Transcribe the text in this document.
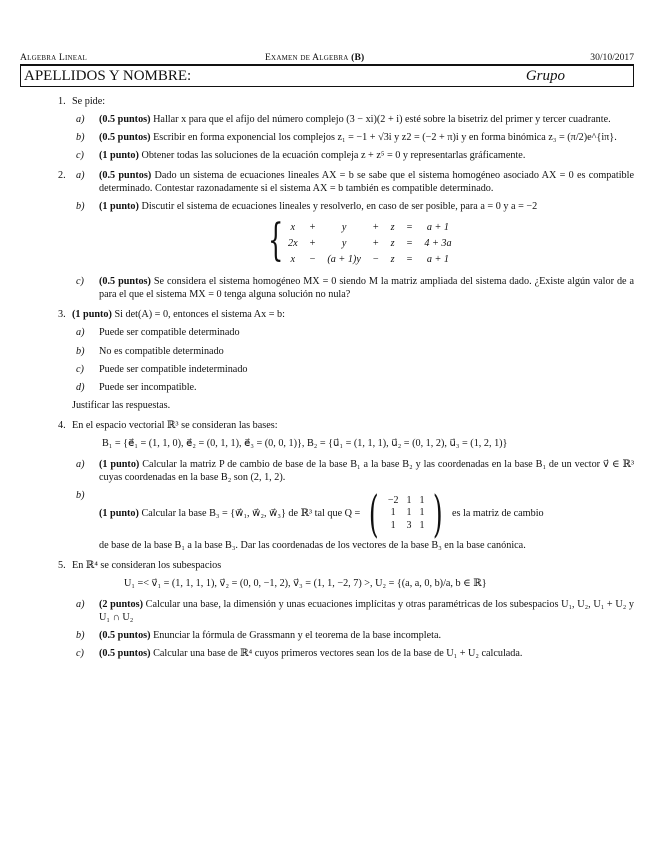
Algebra Lineal	Examen de Algebra (B)	30/10/2017
APELLIDOS Y NOMBRE:	Grupo
1. Se pide:
a) (0.5 puntos) Hallar x para que el afijo del número complejo (3 − xi)(2 + i) esté sobre la bisetriz del primer y tercer cuadrante.
b) (0.5 puntos) Escribir en forma exponencial los complejos z₁ = −1 + √3i y z2 = (−2 + π)i y en forma binómica z₃ = (π/2)e^{iπ}.
c) (1 punto) Obtener todas las soluciones de la ecuación compleja z + z⁵ = 0 y representarlas gráficamente.
2. a) (0.5 puntos) Dado un sistema de ecuaciones lineales AX = b se sabe que el sistema homogéneo asociado AX = 0 es compatible determinado. Contestar razonadamente si el sistema AX = b también es compatible determinado.
b) (1 punto) Discutir el sistema de ecuaciones lineales y resolverlo, en caso de ser posible, para a = 0 y a = −2
{ x	+	y	+	z	=	a + 1
2x	+	y	+	z	=	4 + 3a
x	−	(a + 1)y	−	z	=	a + 1
c) (0.5 puntos) Se considera el sistema homogéneo MX = 0 siendo M la matriz ampliada del sistema dado. ¿Existe algún valor de a para el que el sistema MX = 0 tenga alguna solución no nula?
3. (1 punto) Si det(A) = 0, entonces el sistema Ax = b:
a) Puede ser compatible determinado
b) No es compatible determinado
c) Puede ser compatible indeterminado
d) Puede ser incompatible.
Justificar las respuestas.
4. En el espacio vectorial ℝ³ se consideran las bases:
B₁ = {e⃗₁ = (1, 1, 0), e⃗₂ = (0, 1, 1), e⃗₃ = (0, 0, 1)}, B₂ = {u⃗₁ = (1, 1, 1), u⃗₂ = (0, 1, 2), u⃗₃ = (1, 2, 1)}
a) (1 punto) Calcular la matriz P de cambio de base de la base B₁ a la base B₂ y las coordenadas en la base B₁ de un vector v⃗ ∈ ℝ³ cuyas coordenadas en la base B₂ son (2, 1, 2).
b)
(1 punto) Calcular la base B₃ = {w⃗₁, w⃗₂, w⃗₃} de ℝ³ tal que Q = ( −2	1	1
1	1	1
1	3	1 ) es la matriz de cambio
de base de la base B₁ a la base B₃. Dar las coordenadas de los vectores de la base B₃ en la base canónica.
5. En ℝ⁴ se consideran los subespacios
U₁ =< v⃗₁ = (1, 1, 1, 1), v⃗₂ = (0, 0, −1, 2), v⃗₃ = (1, 1, −2, 7) >, U₂ = {(a, a, 0, b)/a, b ∈ ℝ}
a) (2 puntos) Calcular una base, la dimensión y unas ecuaciones implícitas y otras paramétricas de los subespacios U₁, U₂, U₁ + U₂ y U₁ ∩ U₂
b) (0.5 puntos) Enunciar la fórmula de Grassmann y el teorema de la base incompleta.
c) (0.5 puntos) Calcular una base de ℝ⁴ cuyos primeros vectores sean los de la base de U₁ + U₂ calculada.
